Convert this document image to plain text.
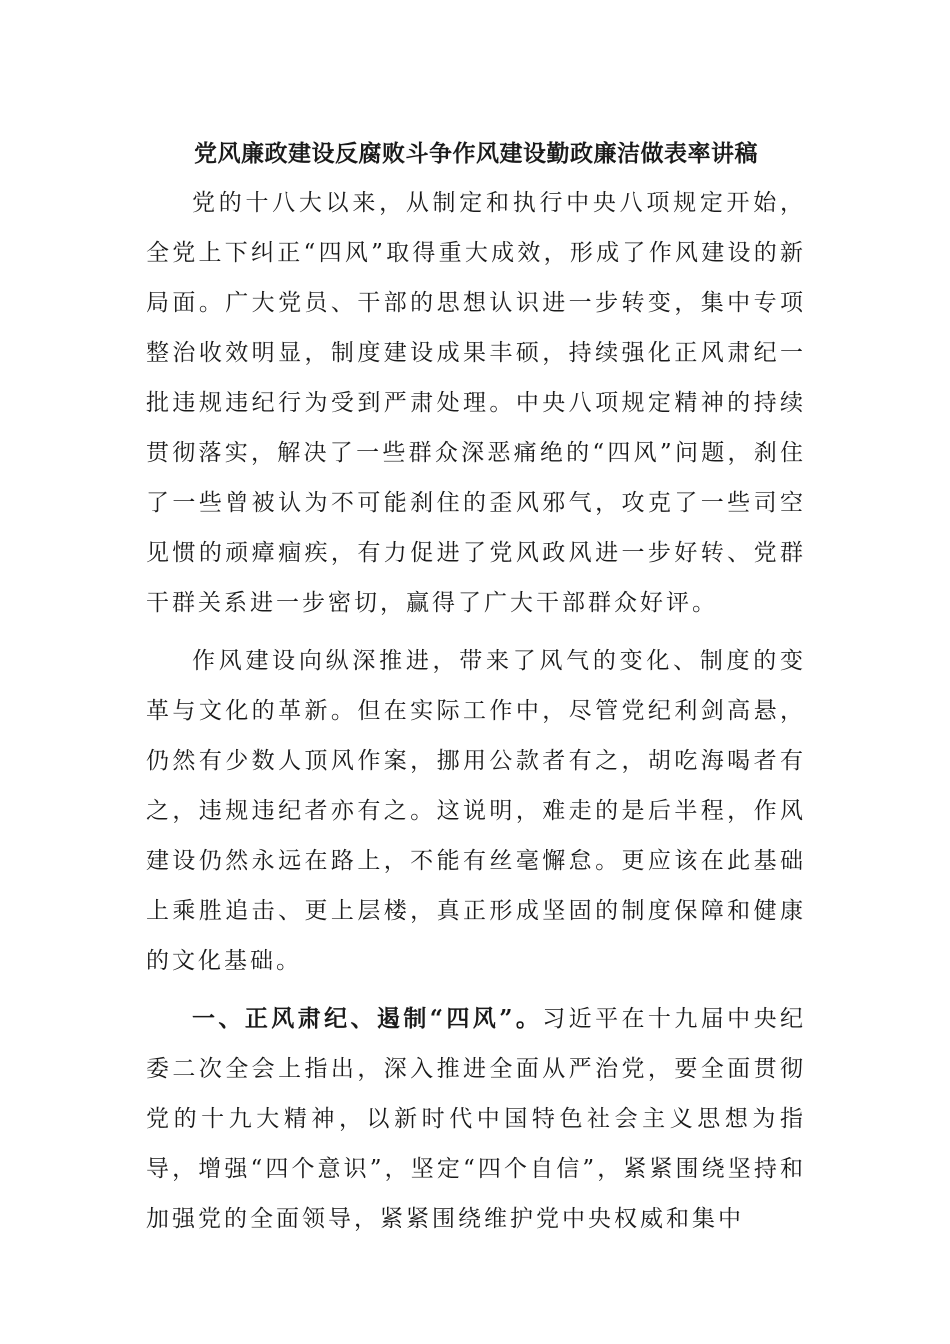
党风廉政建设反腐败斗争作风建设勤政廉洁做表率讲稿

党的十八大以来，从制定和执行中央八项规定开始，全党上下纠正“四风”取得重大成效，形成了作风建设的新局面。广大党员、干部的思想认识进一步转变，集中专项整治收效明显，制度建设成果丰硕，持续强化正风肃纪一批违规违纪行为受到严肃处理。中央八项规定精神的持续贯彻落实，解决了一些群众深恶痛绝的“四风”问题，刹住了一些曾被认为不可能刹住的歪风邪气，攻克了一些司空见惯的顽瘴痼疾，有力促进了党风政风进一步好转、党群干群关系进一步密切，赢得了广大干部群众好评。

作风建设向纵深推进，带来了风气的变化、制度的变革与文化的革新。但在实际工作中，尽管党纪利剑高悬，仍然有少数人顶风作案，挪用公款者有之，胡吃海喝者有之，违规违纪者亦有之。这说明，难走的是后半程，作风建设仍然永远在路上，不能有丝毫懈怠。更应该在此基础上乘胜追击、更上层楼，真正形成坚固的制度保障和健康的文化基础。

一、正风肃纪、遏制“四风”。习近平在十九届中央纪委二次全会上指出，深入推进全面从严治党，要全面贯彻党的十九大精神，以新时代中国特色社会主义思想为指导，增强“四个意识”，坚定“四个自信”，紧紧围绕坚持和加强党的全面领导，紧紧围绕维护党中央权威和集中
